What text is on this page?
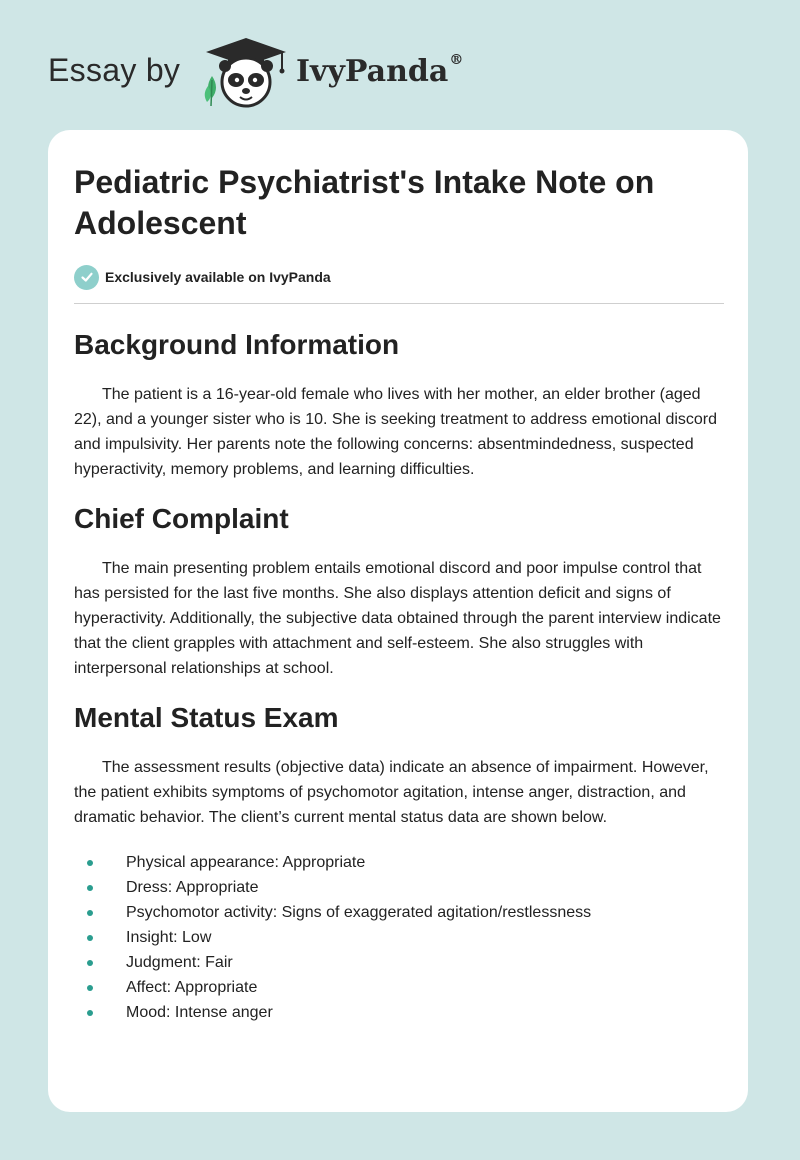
Essay by	IvyPanda®
Pediatric Psychiatrist's Intake Note on Adolescent
Exclusively available on IvyPanda
Background Information

The patient is a 16-year-old female who lives with her mother, an elder brother (aged 22), and a younger sister who is 10. She is seeking treatment to address emotional discord and impulsivity. Her parents note the following concerns: absentmindedness, suspected hyperactivity, memory problems, and learning difficulties.

Chief Complaint

The main presenting problem entails emotional discord and poor impulse control that has persisted for the last five months. She also displays attention deficit and signs of hyperactivity. Additionally, the subjective data obtained through the parent interview indicate that the client grapples with attachment and self-esteem. She also struggles with interpersonal relationships at school.

Mental Status Exam

The assessment results (objective data) indicate an absence of impairment. However, the patient exhibits symptoms of psychomotor agitation, intense anger, distraction, and dramatic behavior. The client’s current mental status data are shown below.

Physical appearance: Appropriate
Dress: Appropriate
Psychomotor activity: Signs of exaggerated agitation/restlessness
Insight: Low
Judgment: Fair
Affect: Appropriate
Mood: Intense anger
